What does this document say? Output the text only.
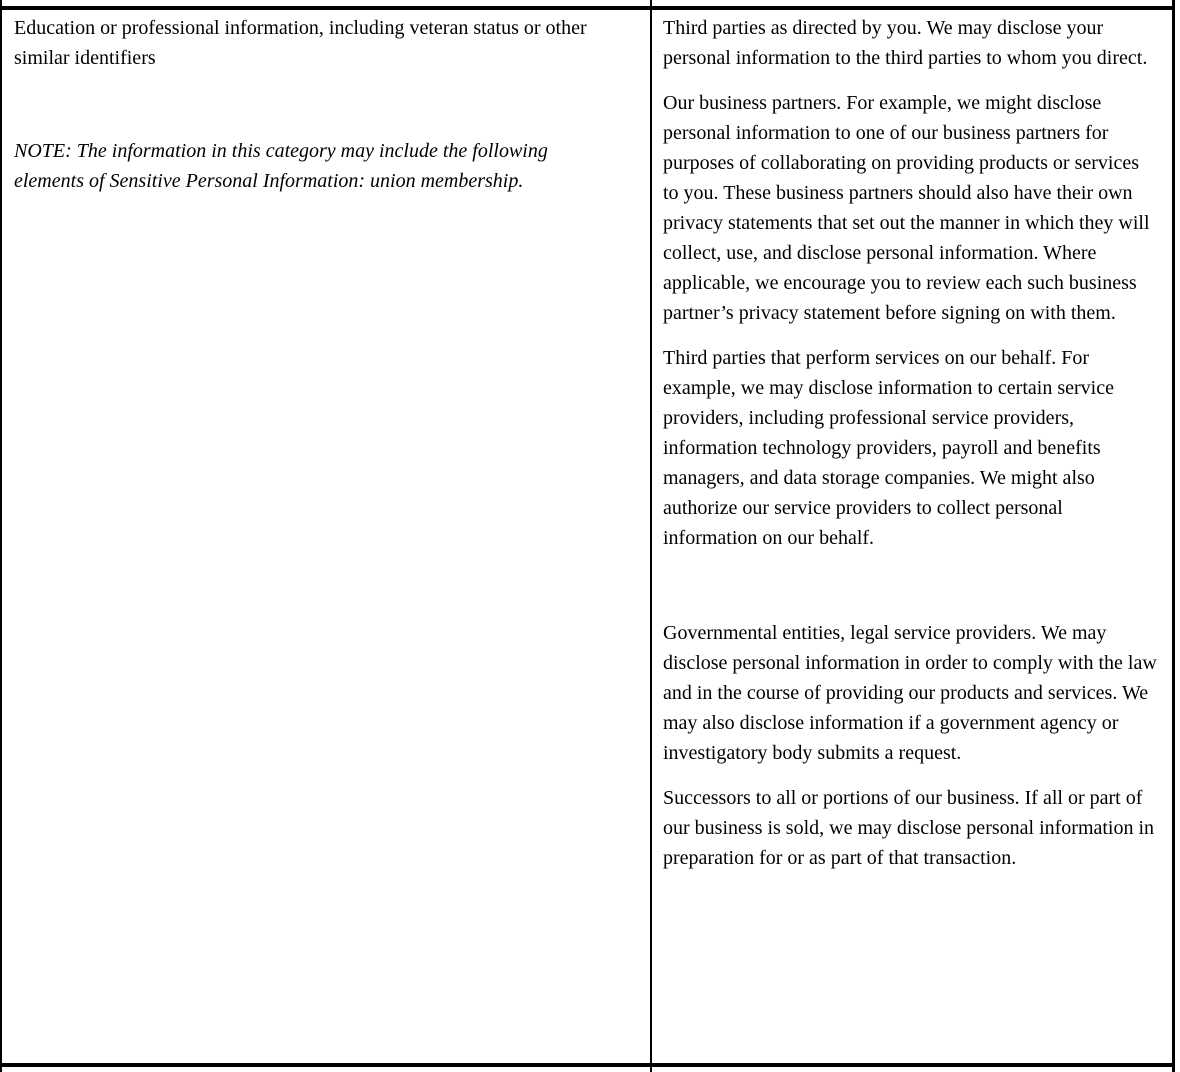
Education or professional information, including veteran status or other similar identifiers

NOTE: The information in this category may include the following elements of Sensitive Personal Information: union membership.

Third parties as directed by you. We may disclose your personal information to the third parties to whom you direct.

Our business partners. For example, we might disclose personal information to one of our business partners for purposes of collaborating on providing products or services to you. These business partners should also have their own privacy statements that set out the manner in which they will collect, use, and disclose personal information. Where applicable, we encourage you to review each such business partner’s privacy statement before signing on with them.

Third parties that perform services on our behalf. For example, we may disclose information to certain service providers, including professional service providers, information technology providers, payroll and benefits managers, and data storage companies. We might also authorize our service providers to collect personal information on our behalf.

Governmental entities, legal service providers. We may disclose personal information in order to comply with the law and in the course of providing our products and services. We may also disclose information if a government agency or investigatory body submits a request.

Successors to all or portions of our business. If all or part of our business is sold, we may disclose personal information in preparation for or as part of that transaction.
